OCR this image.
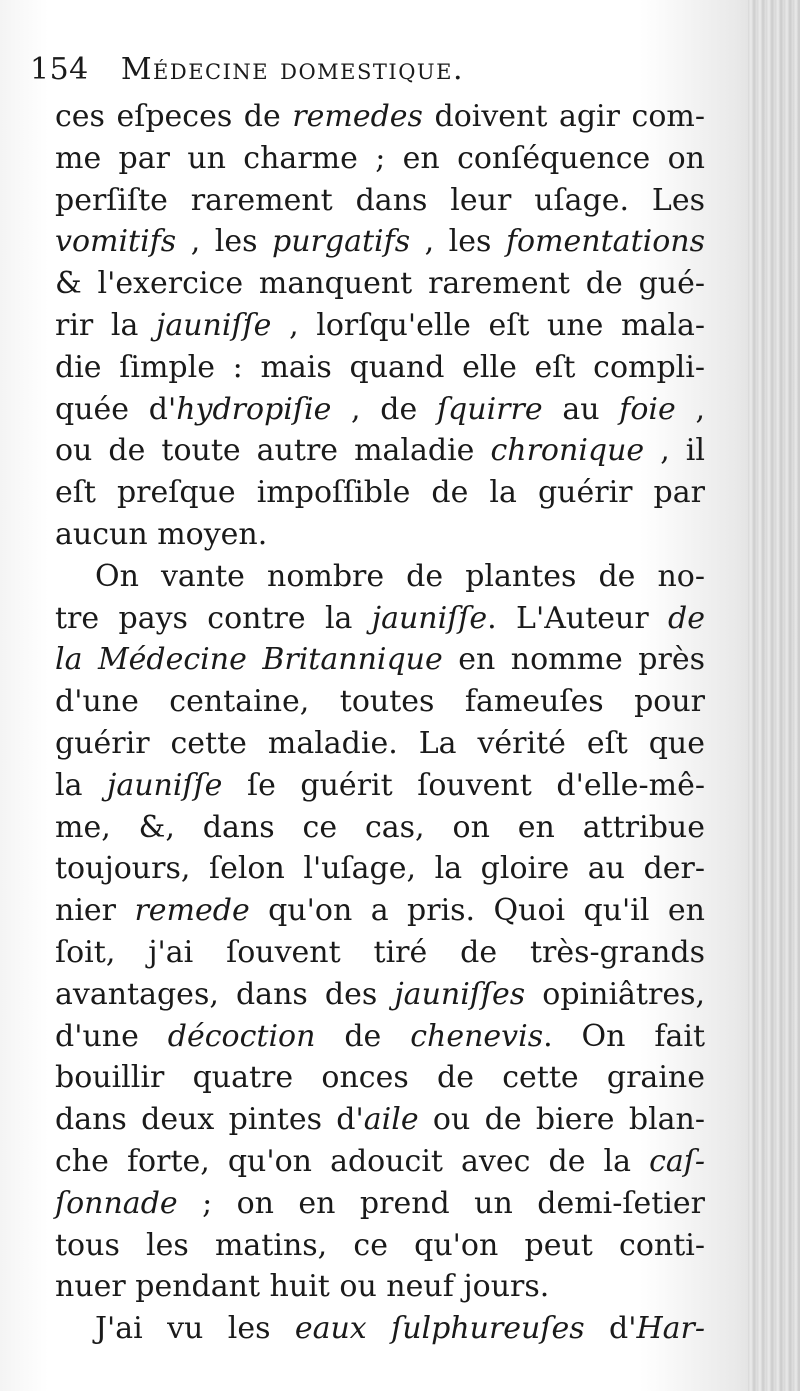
154 Médecine domestique.
ces eſpeces de remedes doivent agir com-
me par un charme ; en conſéquence on
perſiſte rarement dans leur uſage. Les
vomitifs , les purgatifs , les fomentations
& l'exercice manquent rarement de gué-
rir la jauniſſe , lorſqu'elle eſt une mala-
die ſimple : mais quand elle eſt compli-
quée d'hydropiſie , de ſquirre au foie ,
ou de toute autre maladie chronique , il
eſt preſque impoſſible de la guérir par
aucun moyen.
On vante nombre de plantes de no-
tre pays contre la jauniſſe. L'Auteur de
la Médecine Britannique en nomme près
d'une centaine, toutes fameuſes pour
guérir cette maladie. La vérité eſt que
la jauniſſe ſe guérit ſouvent d'elle-mê-
me, &, dans ce cas, on en attribue
toujours, ſelon l'uſage, la gloire au der-
nier remede qu'on a pris. Quoi qu'il en
ſoit, j'ai ſouvent tiré de très-grands
avantages, dans des jauniſſes opiniâtres,
d'une décoction de chenevis. On fait
bouillir quatre onces de cette graine
dans deux pintes d'aile ou de biere blan-
che forte, qu'on adoucit avec de la caſ-
ſonnade ; on en prend un demi-ſetier
tous les matins, ce qu'on peut conti-
nuer pendant huit ou neuf jours.
J'ai vu les eaux ſulphureuſes d'Har-
